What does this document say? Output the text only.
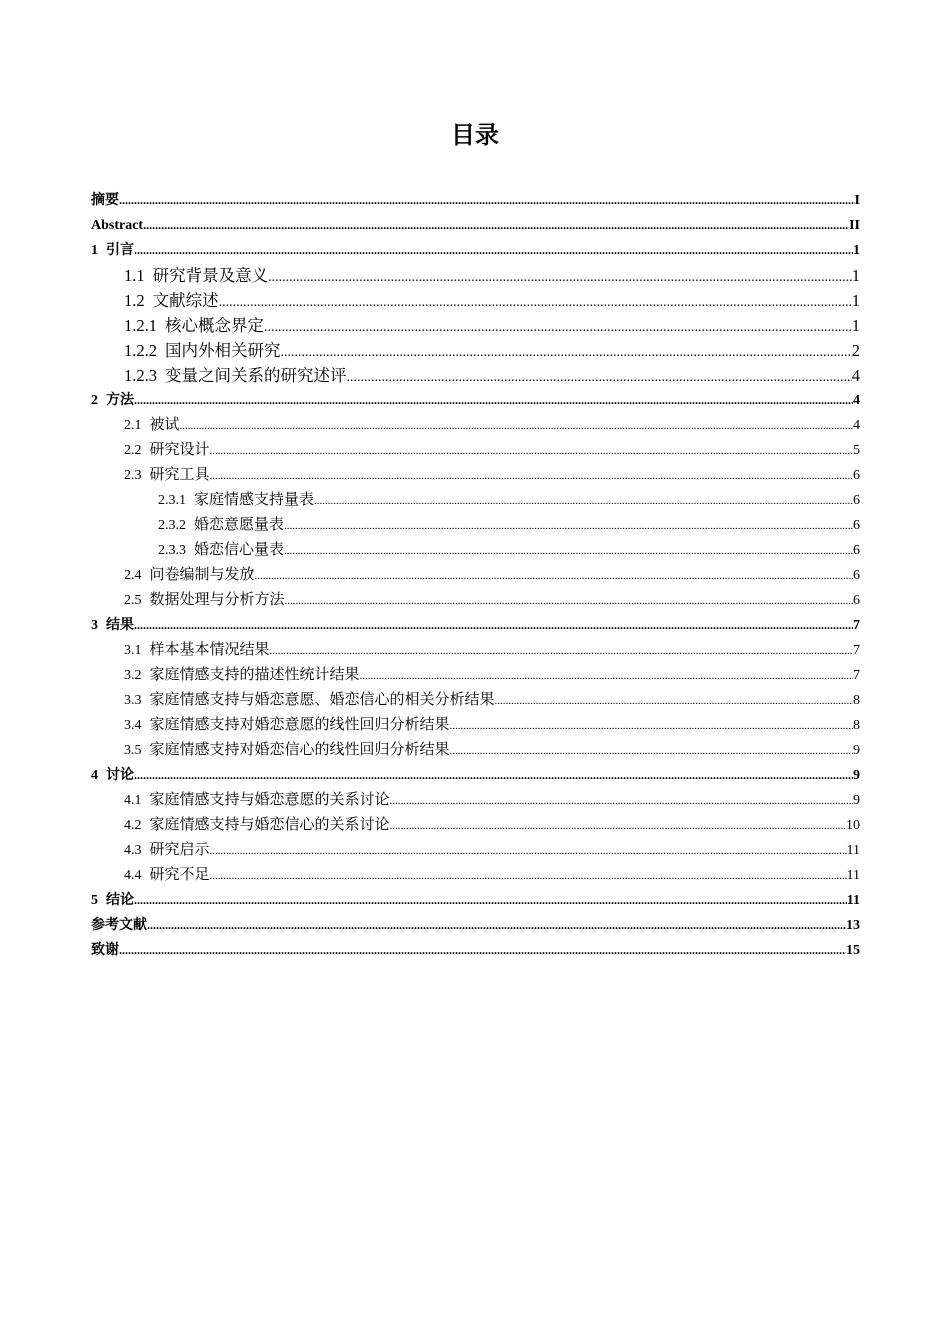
目录
摘要 .....	I
Abstract .....	II
1 引言 .....	1
1.1 研究背景及意义 .....	1
1.2 文献综述 .....	1
1.2.1 核心概念界定 .....	1
1.2.2 国内外相关研究 .....	2
1.2.3 变量之间关系的研究述评 .....	4
2 方法 .....	4
2.1 被试 .....	4
2.2 研究设计 .....	5
2.3 研究工具 .....	6
2.3.1 家庭情感支持量表 .....	6
2.3.2 婚恋意愿量表 .....	6
2.3.3 婚恋信心量表 .....	6
2.4 问卷编制与发放 .....	6
2.5 数据处理与分析方法 .....	6
3 结果 .....	7
3.1 样本基本情况结果 .....	7
3.2 家庭情感支持的描述性统计结果 .....	7
3.3 家庭情感支持与婚恋意愿、婚恋信心的相关分析结果 .....	8
3.4 家庭情感支持对婚恋意愿的线性回归分析结果 .....	8
3.5 家庭情感支持对婚恋信心的线性回归分析结果 .....	9
4 讨论 .....	9
4.1 家庭情感支持与婚恋意愿的关系讨论 .....	9
4.2 家庭情感支持与婚恋信心的关系讨论 .....	10
4.3 研究启示 .....	11
4.4 研究不足 .....	11
5 结论 .....	11
参考文献 .....	13
致谢 .....	15
